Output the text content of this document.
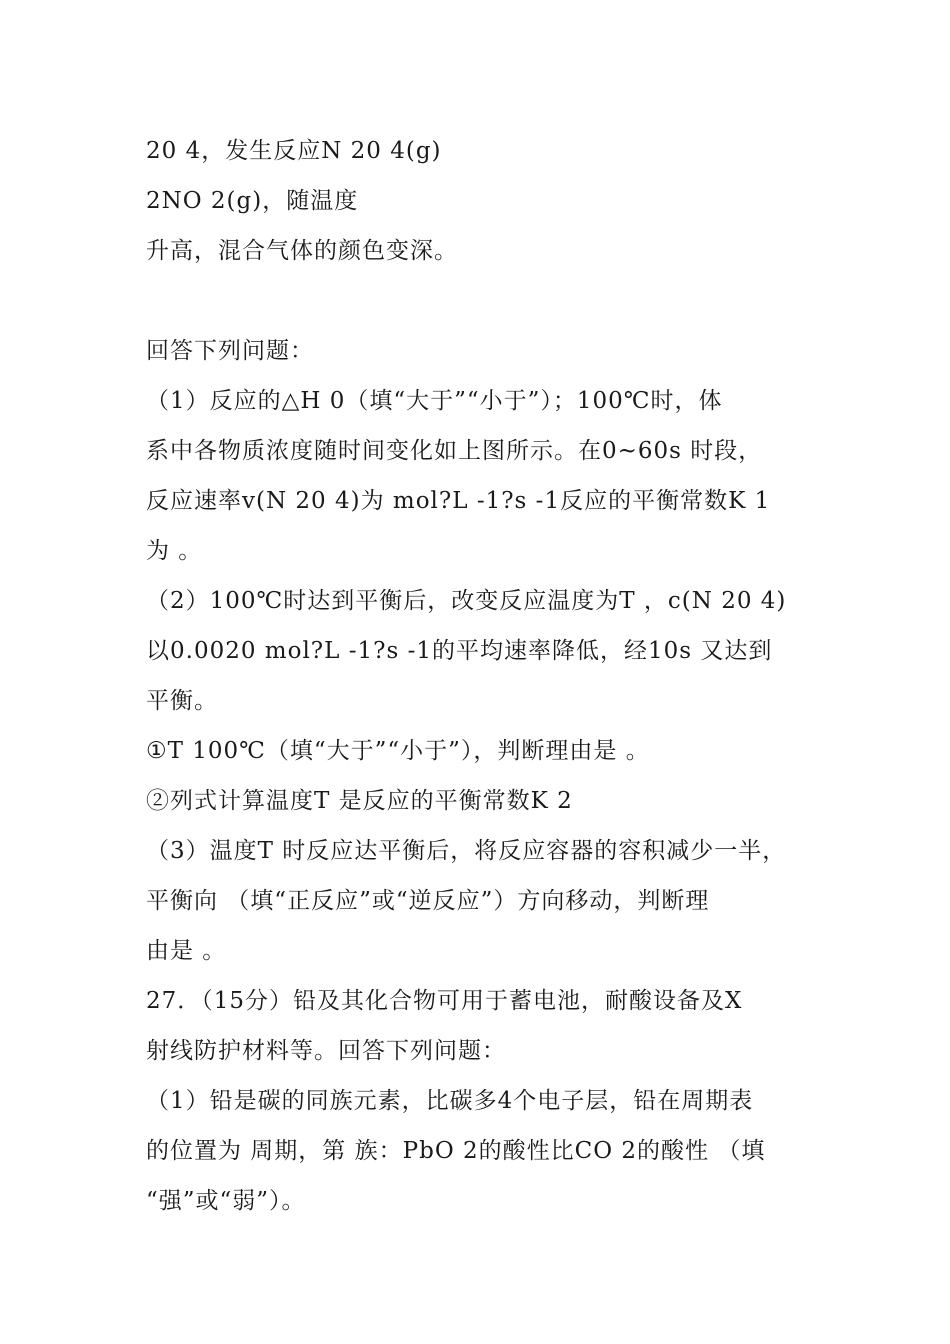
20 4，发生反应N 20 4(g)
2NO 2(g)，随温度
升高，混合气体的颜色变深。
回答下列问题：
（1）反应的△H 0（填“大于”“小于”）；100℃时，体
系中各物质浓度随时间变化如上图所示。在0~60s 时段，
反应速率v(N 20 4)为 mol?L -1?s -1反应的平衡常数K 1
为 。
（2）100℃时达到平衡后，改变反应温度为T ，c(N 20 4)
以0.0020 mol?L -1?s -1的平均速率降低，经10s 又达到
平衡。
①T 100℃（填“大于”“小于”），判断理由是 。
②列式计算温度T 是反应的平衡常数K 2
（3）温度T 时反应达平衡后，将反应容器的容积减少一半，
平衡向 （填“正反应”或“逆反应”）方向移动，判断理
由是 。
27．（15分）铅及其化合物可用于蓄电池，耐酸设备及X
射线防护材料等。回答下列问题：
（1）铅是碳的同族元素，比碳多4个电子层，铅在周期表
的位置为 周期，第 族：PbO 2的酸性比CO 2的酸性 （填
“强”或“弱”）。
